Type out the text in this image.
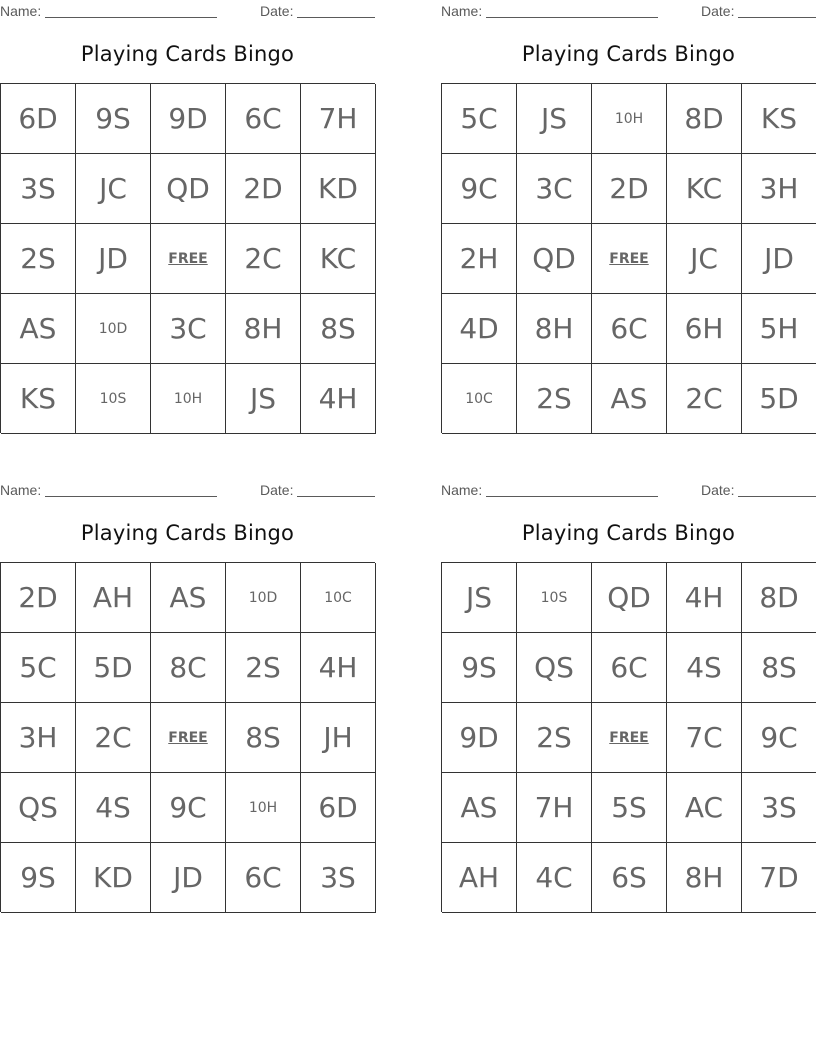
Name:	Date:
Playing Cards Bingo
6D	9S	9D	6C	7H
3S	JC	QD	2D	KD
2S	JD	FREE	2C	KC
AS	10D	3C	8H	8S
KS	10S	10H	JS	4H
Name:	Date:
Playing Cards Bingo
5C	JS	10H	8D	KS
9C	3C	2D	KC	3H
2H	QD	FREE	JC	JD
4D	8H	6C	6H	5H
10C	2S	AS	2C	5D
Name:	Date:
Playing Cards Bingo
2D	AH	AS	10D	10C
5C	5D	8C	2S	4H
3H	2C	FREE	8S	JH
QS	4S	9C	10H	6D
9S	KD	JD	6C	3S
Name:	Date:
Playing Cards Bingo
JS	10S	QD	4H	8D
9S	QS	6C	4S	8S
9D	2S	FREE	7C	9C
AS	7H	5S	AC	3S
AH	4C	6S	8H	7D
